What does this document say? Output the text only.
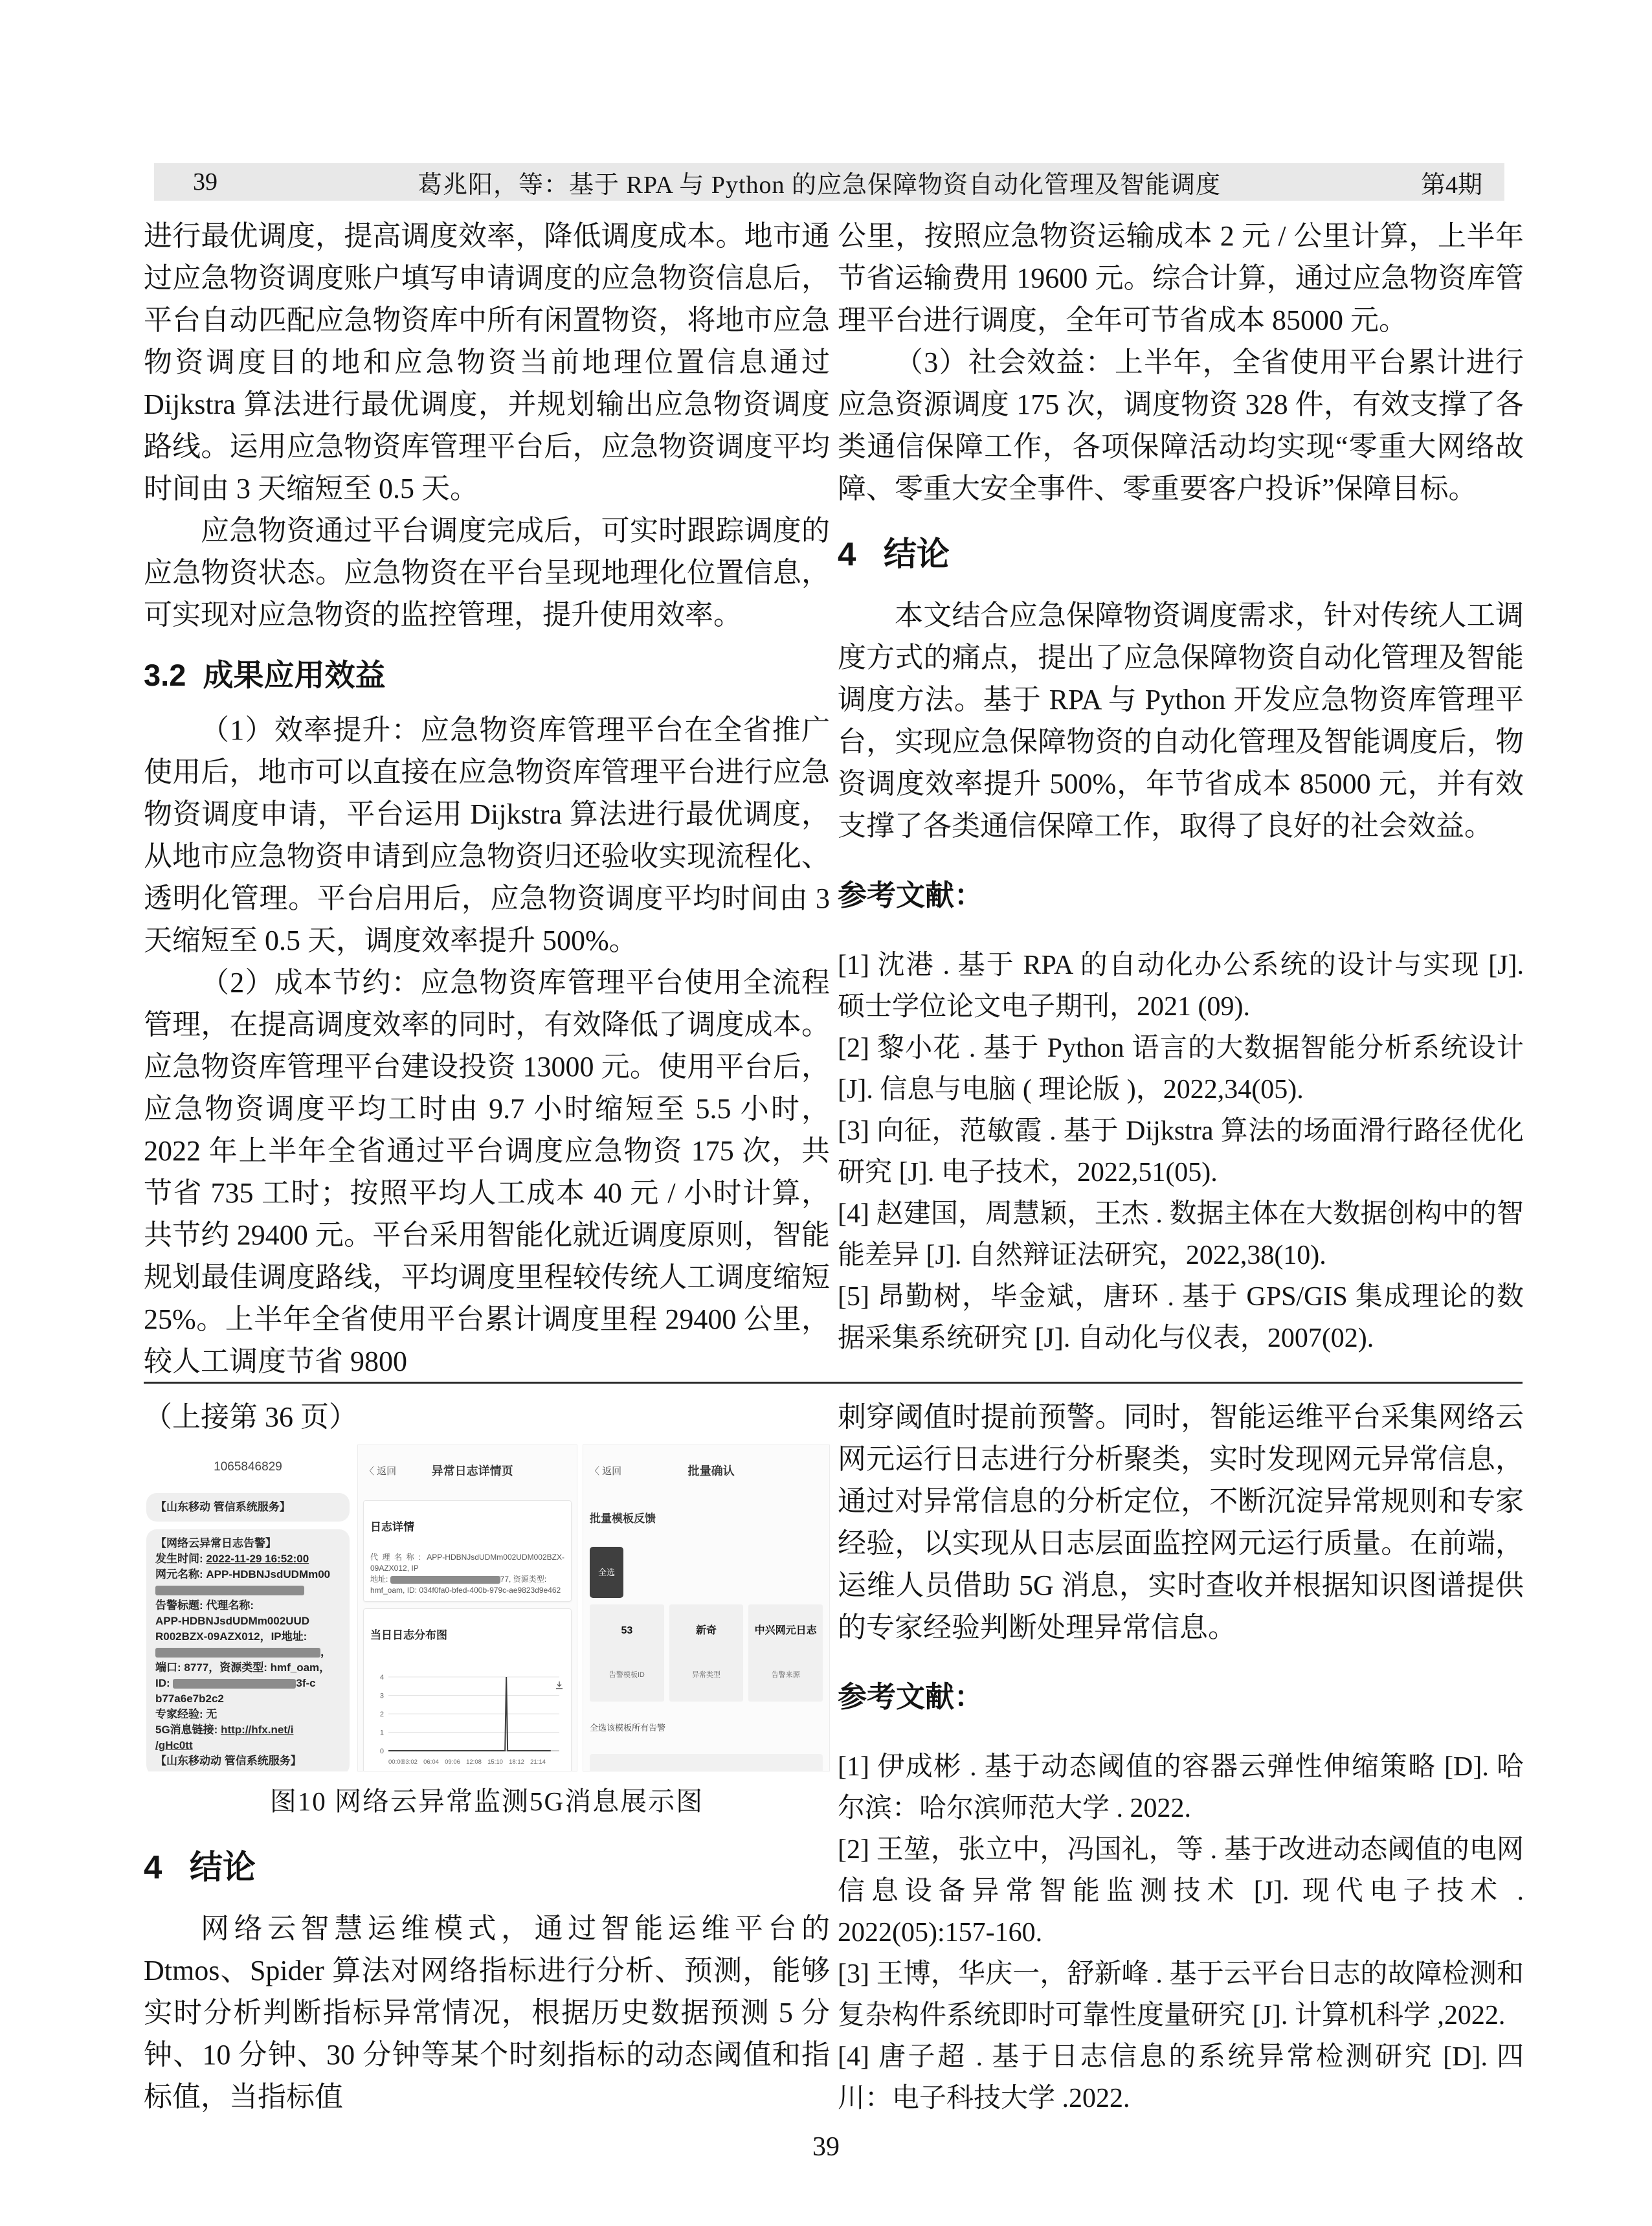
39	葛兆阳，等：基于 RPA 与 Python 的应急保障物资自动化管理及智能调度	第4期

进行最优调度，提高调度效率，降低调度成本。地市通过应急物资调度账户填写申请调度的应急物资信息后，平台自动匹配应急物资库中所有闲置物资，将地市应急物资调度目的地和应急物资当前地理位置信息通过 Dijkstra 算法进行最优调度，并规划输出应急物资调度路线。运用应急物资库管理平台后，应急物资调度平均时间由 3 天缩短至 0.5 天。

应急物资通过平台调度完成后，可实时跟踪调度的应急物资状态。应急物资在平台呈现地理化位置信息，可实现对应急物资的监控管理，提升使用效率。

3.2  成果应用效益

（1）效率提升：应急物资库管理平台在全省推广使用后，地市可以直接在应急物资库管理平台进行应急物资调度申请，平台运用 Dijkstra 算法进行最优调度，从地市应急物资申请到应急物资归还验收实现流程化、透明化管理。平台启用后，应急物资调度平均时间由 3 天缩短至 0.5 天，调度效率提升 500%。

（2）成本节约：应急物资库管理平台使用全流程管理，在提高调度效率的同时，有效降低了调度成本。应急物资库管理平台建设投资 13000 元。使用平台后，应急物资调度平均工时由 9.7 小时缩短至 5.5 小时，2022 年上半年全省通过平台调度应急物资 175 次，共节省 735 工时；按照平均人工成本 40 元 / 小时计算，共节约 29400 元。平台采用智能化就近调度原则，智能规划最佳调度路线，平均调度里程较传统人工调度缩短 25%。上半年全省使用平台累计调度里程 29400 公里，较人工调度节省 9800

公里，按照应急物资运输成本 2 元 / 公里计算，上半年节省运输费用 19600 元。综合计算，通过应急物资库管理平台进行调度，全年可节省成本 85000 元。

（3）社会效益：上半年，全省使用平台累计进行应急资源调度 175 次，调度物资 328 件，有效支撑了各类通信保障工作，各项保障活动均实现“零重大网络故障、零重大安全事件、零重要客户投诉”保障目标。

4   结论

本文结合应急保障物资调度需求，针对传统人工调度方式的痛点，提出了应急保障物资自动化管理及智能调度方法。基于 RPA 与 Python 开发应急物资库管理平台，实现应急保障物资的自动化管理及智能调度后，物资调度效率提升 500%，年节省成本 85000 元，并有效支撑了各类通信保障工作，取得了良好的社会效益。

参考文献：

[1] 沈港 . 基于 RPA 的自动化办公系统的设计与实现 [J]. 硕士学位论文电子期刊，2021 (09).

[2] 黎小花 . 基于 Python 语言的大数据智能分析系统设计 [J]. 信息与电脑 ( 理论版 )，2022,34(05).

[3] 向征，范敏霞 . 基于 Dijkstra 算法的场面滑行路径优化研究 [J]. 电子技术，2022,51(05).

[4] 赵建国，周慧颖，王杰 . 数据主体在大数据创构中的智能差异 [J]. 自然辩证法研究，2022,38(10).

[5] 昂勤树，毕金斌，唐环 . 基于 GPS/GIS 集成理论的数据采集系统研究 [J]. 自动化与仪表，2007(02).

（上接第 36 页）

1065846829
【山东移动 管信系统服务】
【网络云异常日志告警】
发生时间: 2022-11-29 16:52:00
网元名称: APP-HDBNJsdUDMm00
告警标题: 代理名称:
APP-HDBNJsdUDMm002UUD
R002BZX-09AZX012，IP地址:
，
端口: 8777，资源类型: hmf_oam，
ID:	3f-c
b77a6e7b2c2
专家经验: 无
5G消息链接: http://hfx.net/i
/gHc0tt
【山东移动动 管信系统服务】
〈 返回	异常日志详情页
日志详情
代理名称: APP-HDBNJsdUDMm002UDM002BZX-09AZX012, IP
地址:	77, 资源类型:
hmf_oam, ID: 034f0fa0-bfed-400b-979c-ae9823d9e462
当日日志分布图
0
1
2
3
4
00:00
03:02 06:04 09:06 12:08 15:10 18:12 21:14

〈 返回	批量确认
批量模板反馈
全选
53
告警模板ID
新奇
异常类型
中兴网元日志
告警来源
全选该模板所有告警
图10 网络云异常监测5G消息展示图
4   结论

网络云智慧运维模式，通过智能运维平台的 Dtmos、Spider 算法对网络指标进行分析、预测，能够实时分析判断指标异常情况，根据历史数据预测 5 分钟、10 分钟、30 分钟等某个时刻指标的动态阈值和指标值，当指标值

刺穿阈值时提前预警。同时，智能运维平台采集网络云网元运行日志进行分析聚类，实时发现网元异常信息，通过对异常信息的分析定位，不断沉淀异常规则和专家经验，以实现从日志层面监控网元运行质量。在前端，运维人员借助 5G 消息，实时查收并根据知识图谱提供的专家经验判断处理异常信息。

参考文献：

[1] 伊成彬 . 基于动态阈值的容器云弹性伸缩策略 [D]. 哈尔滨：哈尔滨师范大学 . 2022.

[2] 王堃，张立中，冯国礼，等 . 基于改进动态阈值的电网信息设备异常智能监测技术 [J]. 现代电子技术 . 2022(05):157-160.

[3] 王博，华庆一，舒新峰 . 基于云平台日志的故障检测和复杂构件系统即时可靠性度量研究 [J]. 计算机科学 ,2022.

[4] 唐子超 . 基于日志信息的系统异常检测研究 [D]. 四川：电子科技大学 .2022.

39
